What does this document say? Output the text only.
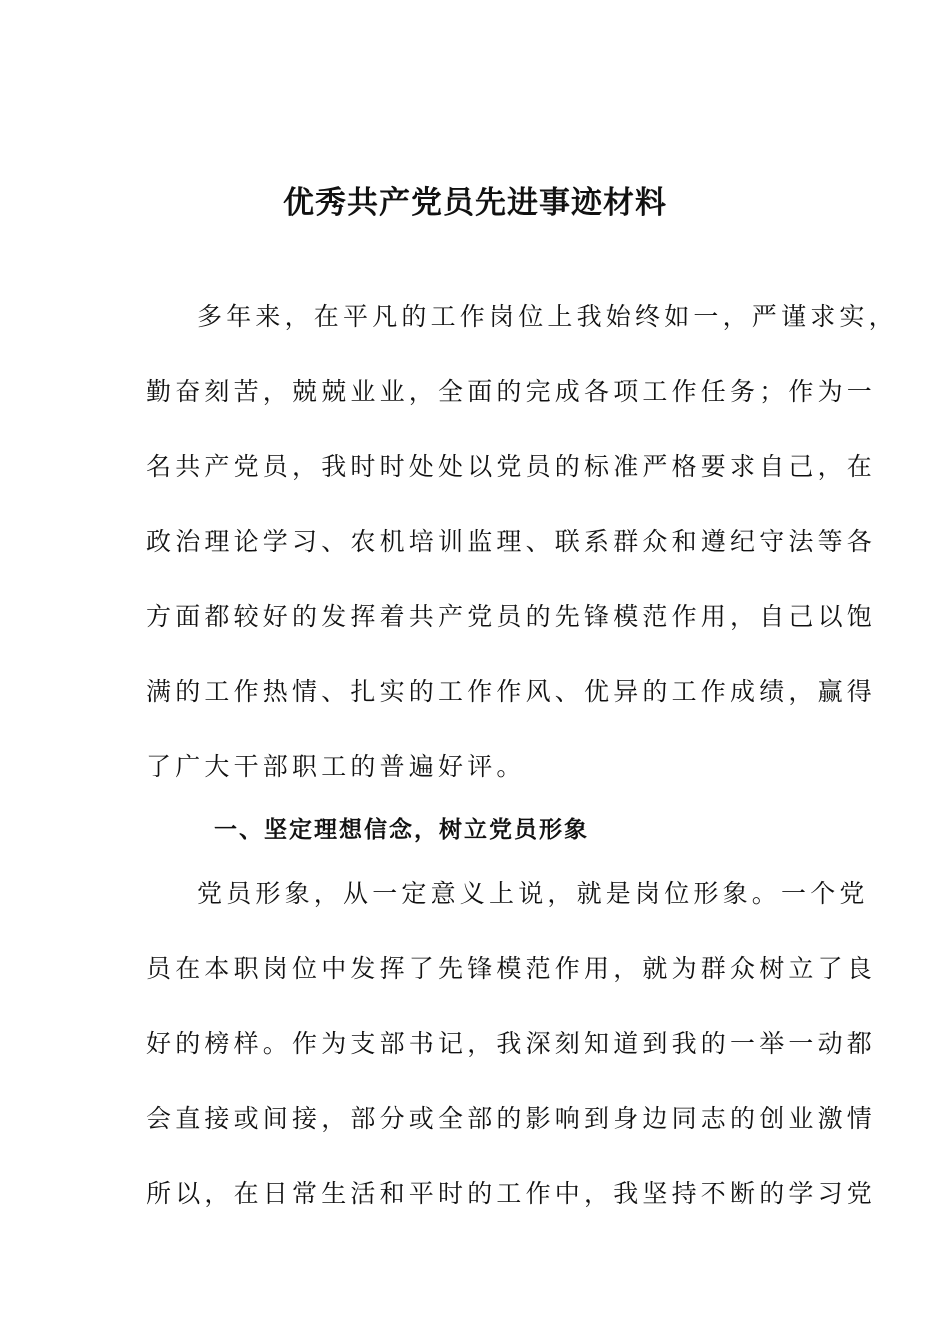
优秀共产党员先进事迹材料

多年来，在平凡的工作岗位上我始终如一，严谨求实，

勤奋刻苦，兢兢业业，全面的完成各项工作任务；作为一

名共产党员，我时时处处以党员的标准严格要求自己，在

政治理论学习、农机培训监理、联系群众和遵纪守法等各

方面都较好的发挥着共产党员的先锋模范作用，自己以饱

满的工作热情、扎实的工作作风、优异的工作成绩，赢得

了广大干部职工的普遍好评。

一、坚定理想信念，树立党员形象

党员形象，从一定意义上说，就是岗位形象。一个党

员在本职岗位中发挥了先锋模范作用，就为群众树立了良

好的榜样。作为支部书记，我深刻知道到我的一举一动都

会直接或间接，部分或全部的影响到身边同志的创业激情

所以，在日常生活和平时的工作中，我坚持不断的学习党
